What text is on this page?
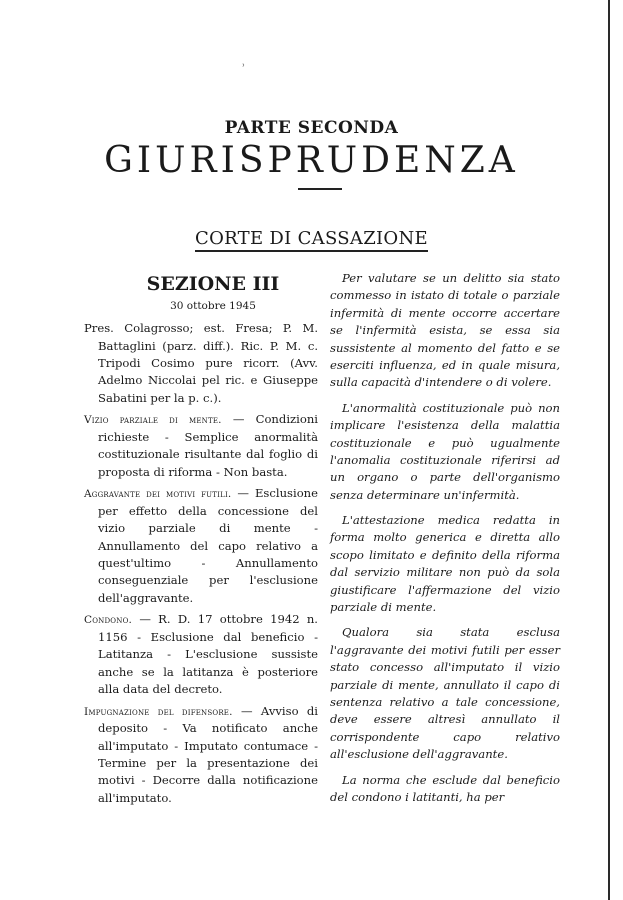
ʾ
PARTE SECONDA
GIURISPRUDENZA
CORTE DI CASSAZIONE
SEZIONE III
30 ottobre 1945

Pres. Colagrosso; est. Fresa; P. M. Battaglini (parz. diff.). Ric. P. M. c. Tripodi Cosimo pure ricorr. (Avv. Adelmo Niccolai pel ric. e Giuseppe Sabatini per la p. c.).

Vizio parziale di mente. — Condizioni richieste - Semplice anormalità costituzionale risultante dal foglio di proposta di riforma - Non basta.

Aggravante dei motivi futili. — Esclusione per effetto della concessione del vizio parziale di mente - Annullamento del capo relativo a quest'ultimo - Annullamento conseguenziale per l'esclusione dell'aggravante.

Condono. — R. D. 17 ottobre 1942 n. 1156 - Esclusione dal beneficio - Latitanza - L'esclusione sussiste anche se la latitanza è posteriore alla data del decreto.

Impugnazione del difensore. — Avviso di deposito - Va notificato anche all'imputato - Imputato contumace - Termine per la presentazione dei motivi - Decorre dalla notificazione all'imputato.

Per valutare se un delitto sia stato commesso in istato di totale o parziale infermità di mente occorre accertare se l'infermità esista, se essa sia sussistente al momento del fatto e se eserciti influenza, ed in quale misura, sulla capacità d'intendere o di volere.

L'anormalità costituzionale può non implicare l'esistenza della malattia costituzionale e può ugualmente l'anomalia costituzionale riferirsi ad un organo o parte dell'organismo senza determinare un'infermità.

L'attestazione medica redatta in forma molto generica e diretta allo scopo limitato e definito della riforma dal servizio militare non può da sola giustificare l'affermazione del vizio parziale di mente.

Qualora sia stata esclusa l'aggravante dei motivi futili per esser stato concesso all'imputato il vizio parziale di mente, annullato il capo di sentenza relativo a tale concessione, deve essere altresì annullato il corrispondente capo relativo all'esclusione dell'aggravante.

La norma che esclude dal beneficio del condono i latitanti, ha per
